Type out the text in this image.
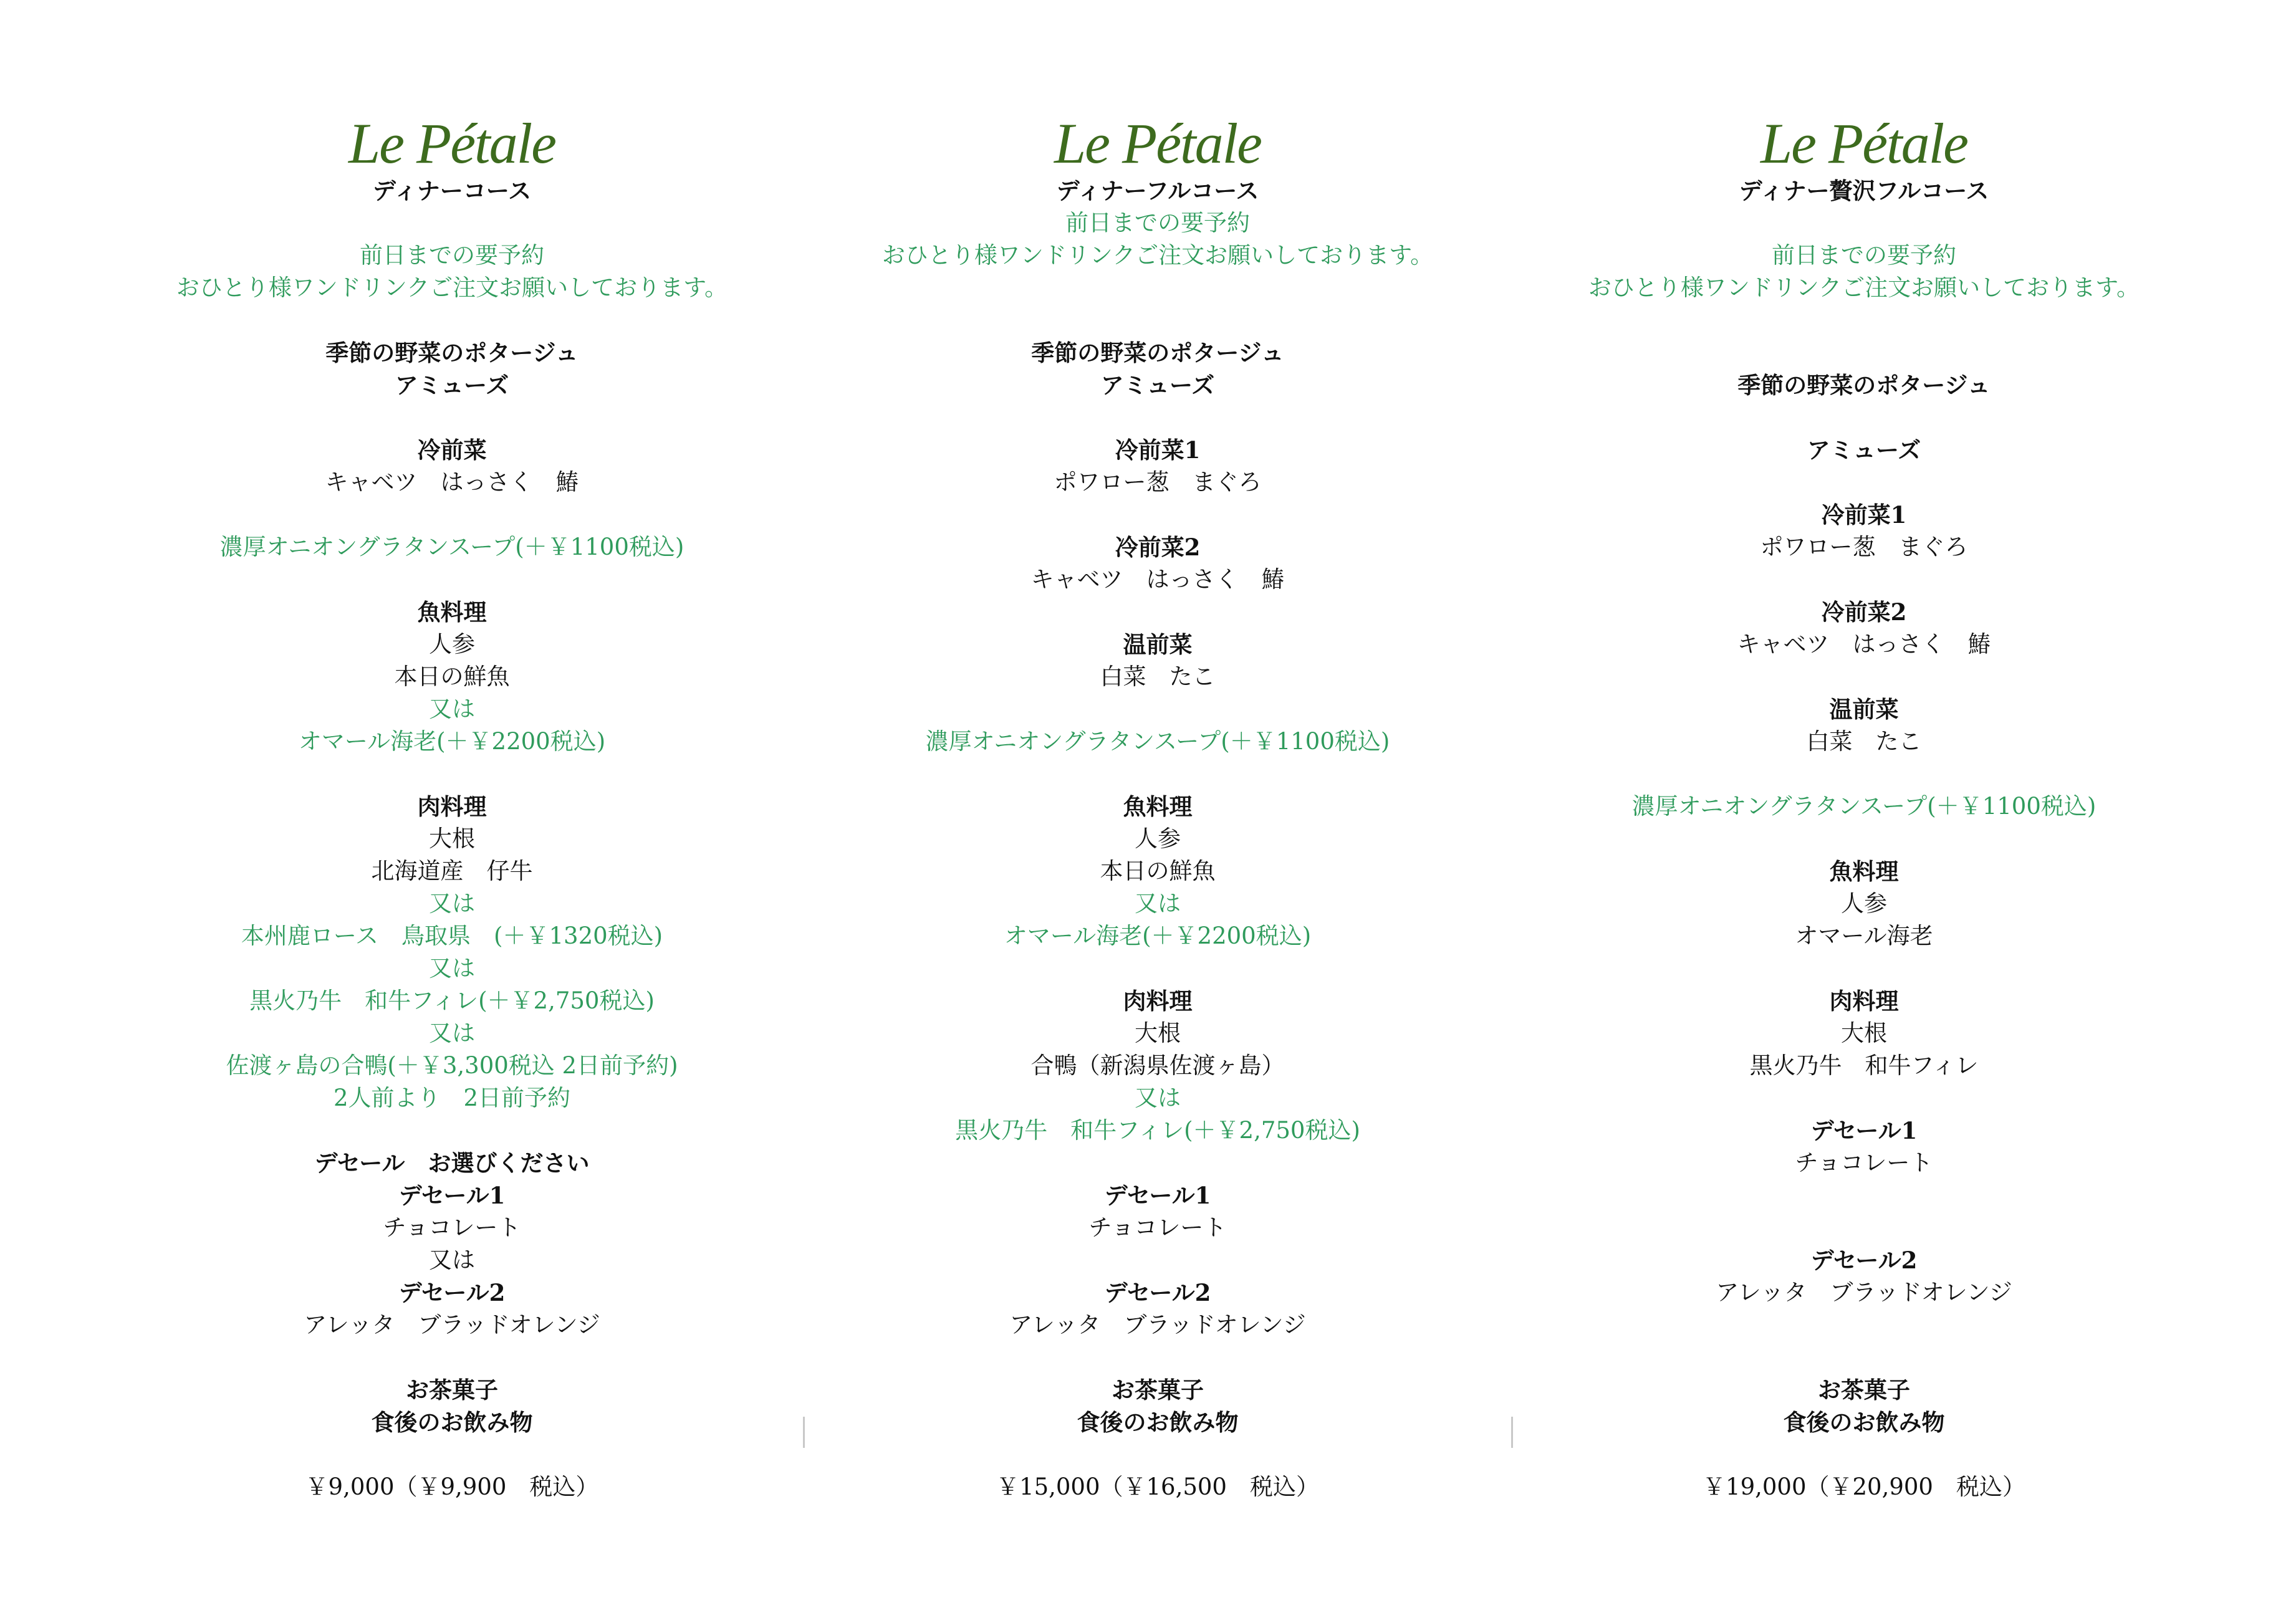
Le Pétale
ディナーコース
前日までの要予約
おひとり様ワンドリンクご注文お願いしております。
季節の野菜のポタージュ
アミューズ
冷前菜
キャベツ　はっさく　鰆
濃厚オニオングラタンスープ(＋￥1100税込)
魚料理
人参
本日の鮮魚
又は
オマール海老(＋￥2200税込)
肉料理
大根
北海道産　仔牛
又は
本州鹿ロース　鳥取県　(＋￥1320税込)
又は
黒火乃牛　和牛フィレ(＋￥2,750税込)
又は
佐渡ヶ島の合鴨(＋￥3,300税込 2日前予約)
2人前より　2日前予約
デセール　お選びください
デセール1
チョコレート
又は
デセール2
アレッタ　ブラッドオレンジ
お茶菓子
食後のお飲み物
￥9,000（￥9,900　税込）
Le Pétale
ディナーフルコース
前日までの要予約
おひとり様ワンドリンクご注文お願いしております。
季節の野菜のポタージュ
アミューズ
冷前菜1
ポワロー葱　まぐろ
冷前菜2
キャベツ　はっさく　鰆
温前菜
白菜　たこ
濃厚オニオングラタンスープ(＋￥1100税込)
魚料理
人参
本日の鮮魚
又は
オマール海老(＋￥2200税込)
肉料理
大根
合鴨（新潟県佐渡ヶ島）
又は
黒火乃牛　和牛フィレ(＋￥2,750税込)
デセール1
チョコレート
デセール2
アレッタ　ブラッドオレンジ
お茶菓子
食後のお飲み物
￥15,000（￥16,500　税込）
Le Pétale
ディナー贅沢フルコース
前日までの要予約
おひとり様ワンドリンクご注文お願いしております。
季節の野菜のポタージュ
アミューズ
冷前菜1
ポワロー葱　まぐろ
冷前菜2
キャベツ　はっさく　鰆
温前菜
白菜　たこ
濃厚オニオングラタンスープ(＋￥1100税込)
魚料理
人参
オマール海老
肉料理
大根
黒火乃牛　和牛フィレ
デセール1
チョコレート
デセール2
アレッタ　ブラッドオレンジ
お茶菓子
食後のお飲み物
￥19,000（￥20,900　税込）
